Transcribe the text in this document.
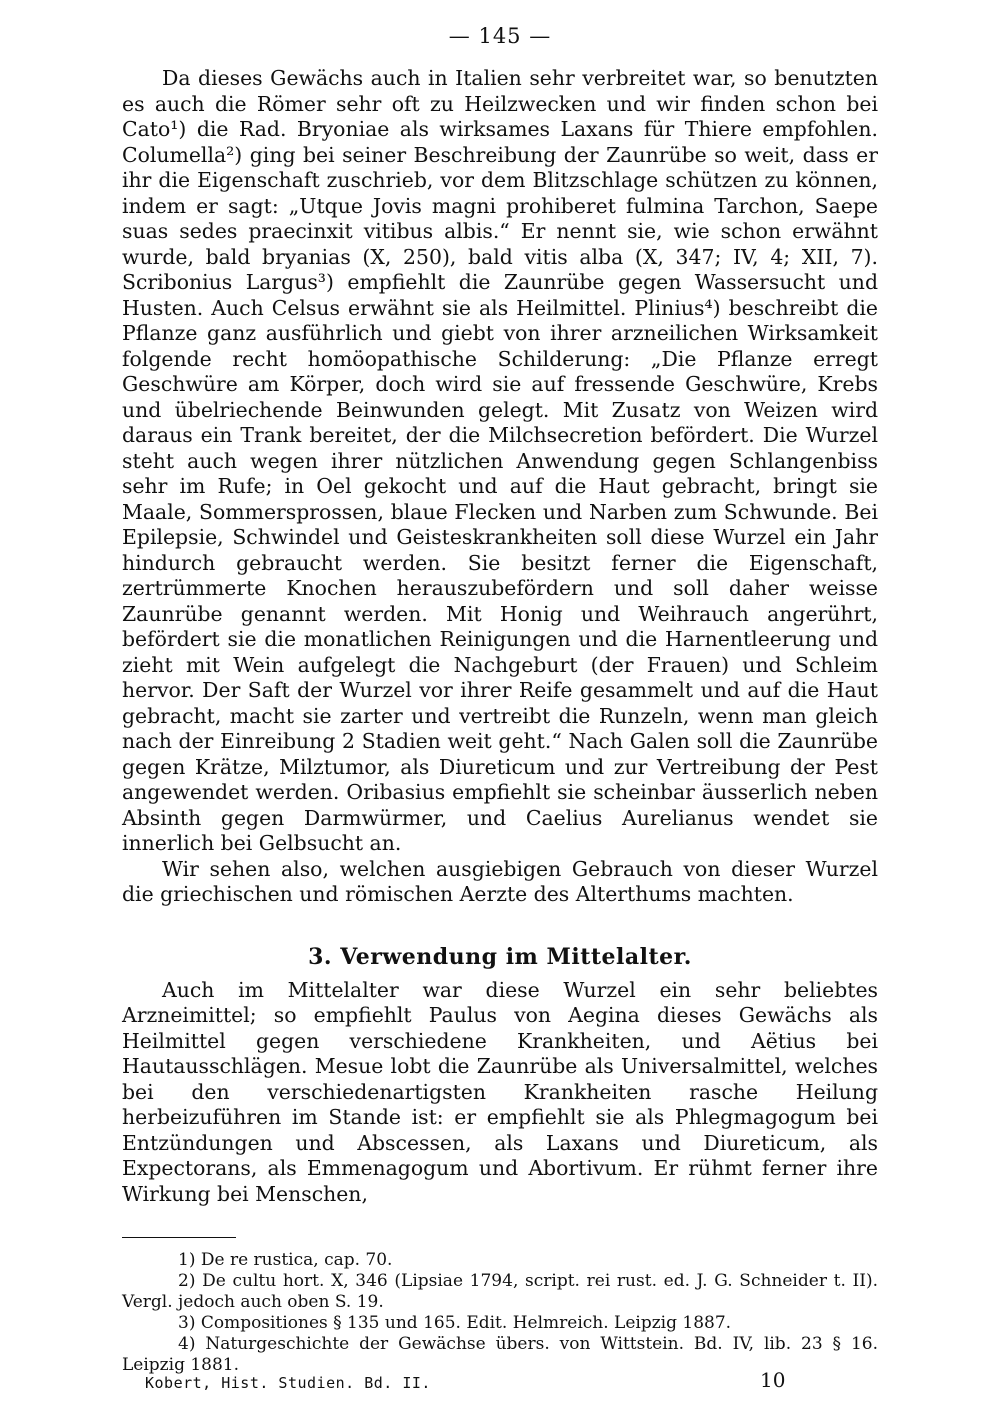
— 145 —

Da dieses Gewächs auch in Italien sehr verbreitet war, so benutzten es auch die Römer sehr oft zu Heilzwecken und wir finden schon bei Cato¹) die Rad. Bryoniae als wirksames Laxans für Thiere empfohlen. Columella²) ging bei seiner Beschreibung der Zaunrübe so weit, dass er ihr die Eigenschaft zuschrieb, vor dem Blitzschlage schützen zu können, indem er sagt: „Utque Jovis magni prohiberet fulmina Tarchon, Saepe suas sedes praecinxit vitibus albis.“ Er nennt sie, wie schon erwähnt wurde, bald bryanias (X, 250), bald vitis alba (X, 347; IV, 4; XII, 7). Scribonius Largus³) empfiehlt die Zaunrübe gegen Wassersucht und Husten. Auch Celsus erwähnt sie als Heilmittel. Plinius⁴) beschreibt die Pflanze ganz ausführlich und giebt von ihrer arzneilichen Wirksamkeit folgende recht homöopathische Schilderung: „Die Pflanze erregt Geschwüre am Körper, doch wird sie auf fressende Geschwüre, Krebs und übelriechende Beinwunden gelegt. Mit Zusatz von Weizen wird daraus ein Trank bereitet, der die Milchsecretion befördert. Die Wurzel steht auch wegen ihrer nützlichen Anwendung gegen Schlangenbiss sehr im Rufe; in Oel gekocht und auf die Haut gebracht, bringt sie Maale, Sommersprossen, blaue Flecken und Narben zum Schwunde. Bei Epilepsie, Schwindel und Geisteskrankheiten soll diese Wurzel ein Jahr hindurch gebraucht werden. Sie besitzt ferner die Eigenschaft, zertrümmerte Knochen herauszubefördern und soll daher weisse Zaunrübe genannt werden. Mit Honig und Weihrauch angerührt, befördert sie die monatlichen Reinigungen und die Harnentleerung und zieht mit Wein aufgelegt die Nachgeburt (der Frauen) und Schleim hervor. Der Saft der Wurzel vor ihrer Reife gesammelt und auf die Haut gebracht, macht sie zarter und vertreibt die Runzeln, wenn man gleich nach der Einreibung 2 Stadien weit geht.“ Nach Galen soll die Zaunrübe gegen Krätze, Milztumor, als Diureticum und zur Vertreibung der Pest angewendet werden. Oribasius empfiehlt sie scheinbar äusserlich neben Absinth gegen Darmwürmer, und Caelius Aurelianus wendet sie innerlich bei Gelbsucht an.

Wir sehen also, welchen ausgiebigen Gebrauch von dieser Wurzel die griechischen und römischen Aerzte des Alterthums machten.

3. Verwendung im Mittelalter.

Auch im Mittelalter war diese Wurzel ein sehr beliebtes Arzneimittel; so empfiehlt Paulus von Aegina dieses Gewächs als Heilmittel gegen verschiedene Krankheiten, und Aëtius bei Hautausschlägen. Mesue lobt die Zaunrübe als Universalmittel, welches bei den verschiedenartigsten Krankheiten rasche Heilung herbeizuführen im Stande ist: er empfiehlt sie als Phlegmagogum bei Entzündungen und Abscessen, als Laxans und Diureticum, als Expectorans, als Emmenagogum und Abortivum. Er rühmt ferner ihre Wirkung bei Menschen,

1) De re rustica, cap. 70.

2) De cultu hort. X, 346 (Lipsiae 1794, script. rei rust. ed. J. G. Schneider t. II). Vergl. jedoch auch oben S. 19.

3) Compositiones § 135 und 165. Edit. Helmreich. Leipzig 1887.

4) Naturgeschichte der Gewächse übers. von Wittstein. Bd. IV, lib. 23 § 16. Leipzig 1881.

Kobert, Hist. Studien. Bd. II.	10
